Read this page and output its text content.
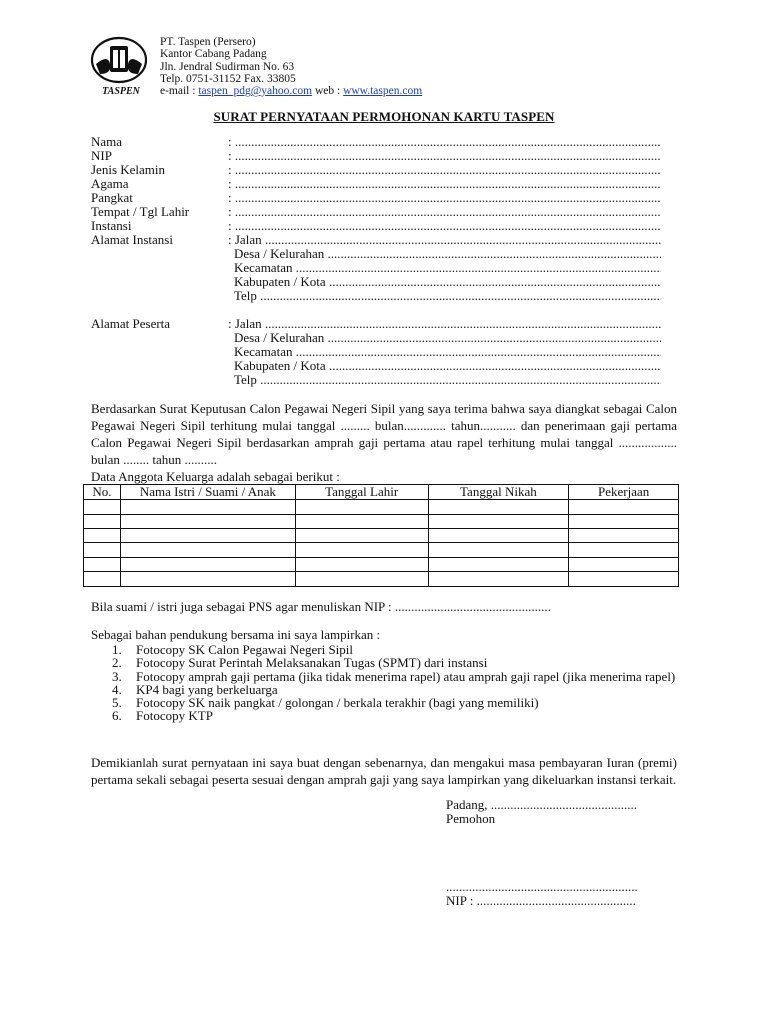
TASPEN
PT. Taspen (Persero)
Kantor Cabang Padang
Jln. Jendral Sudirman No. 63
Telp. 0751-31152 Fax. 33805
e-mail : taspen_pdg@yahoo.com web : www.taspen.com
SURAT PERNYATAAN PERMOHONAN KARTU TASPEN
Nama	: .....
NIP	: .....
Jenis Kelamin	: .....
Agama	: .....
Pangkat	: .....
Tempat / Tgl Lahir	: .....
Instansi	: .....
Alamat Instansi	: Jalan .....
Desa / Kelurahan .....
Kecamatan .....
Kabupaten / Kota .....
Telp .....
Alamat Peserta	: Jalan .....
Desa / Kelurahan .....
Kecamatan .....
Kabupaten / Kota .....
Telp .....
Berdasarkan Surat Keputusan Calon Pegawai Negeri Sipil yang saya terima bahwa saya diangkat sebagai Calon Pegawai Negeri Sipil terhitung mulai tanggal ......... bulan............. tahun........... dan penerimaan gaji pertama Calon Pegawai Negeri Sipil berdasarkan amprah gaji pertama atau rapel terhitung mulai tanggal .................. bulan ........ tahun ..........
Data Anggota Keluarga adalah sebagai berikut :
No.	Nama Istri / Suami / Anak	Tanggal Lahir	Tanggal Nikah	Pekerjaan

Bila suami / istri juga sebagai PNS agar menuliskan NIP : ................................................
Sebagai bahan pendukung bersama ini saya lampirkan :
1. Fotocopy SK Calon Pegawai Negeri Sipil
2. Fotocopy Surat Perintah Melaksanakan Tugas (SPMT) dari instansi
3. Fotocopy amprah gaji pertama (jika tidak menerima rapel) atau amprah gaji rapel (jika menerima rapel)
4. KP4 bagi yang berkeluarga
5. Fotocopy SK naik pangkat / golongan / berkala terakhir (bagi yang memiliki)
6. Fotocopy KTP
Demikianlah surat pernyataan ini saya buat dengan sebenarnya, dan mengakui masa pembayaran Iuran (premi) pertama sekali sebagai peserta sesuai dengan amprah gaji yang saya lampirkan yang dikeluarkan instansi terkait.
Padang, .............................................
Pemohon
...........................................................
NIP : .................................................
